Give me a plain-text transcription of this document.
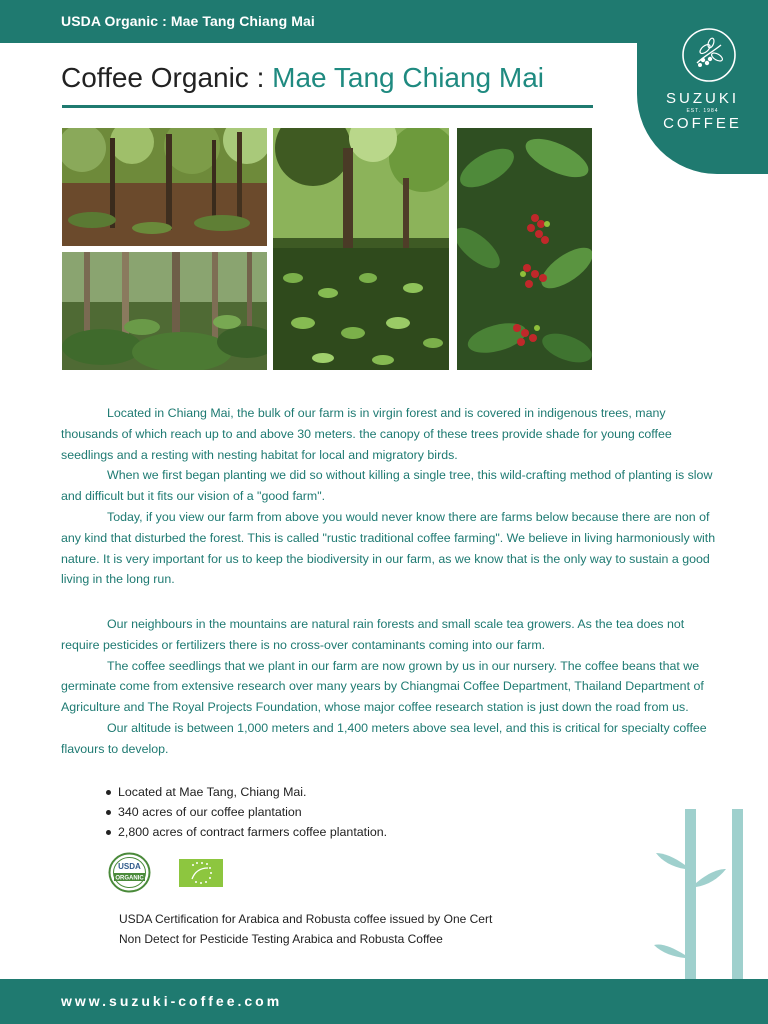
USDA Organic : Mae Tang Chiang Mai
SUZUKI
EST. 1984
COFFEE
Coffee Organic : Mae Tang Chiang Mai

Located in Chiang Mai, the bulk of our farm is in virgin forest and is covered in indigenous trees, many thousands of which reach up to and above 30 meters. the canopy of these trees provide shade for young coffee seedlings and a resting with nesting habitat for local and migratory birds.

When we first began planting we did so without killing a single tree, this wild-crafting method of planting is slow and difficult but it fits our vision of a "good farm".

Today, if you view our farm from above you would never know there are farms below because there are non of any kind that disturbed the forest. This is called "rustic traditional coffee farming". We believe in living harmoniously with nature. It is very important for us to keep the biodiversity in our farm, as we know that is the only way to sustain a good living in the long run.

Our neighbours in the mountains are natural rain forests and small scale tea growers. As the tea does not require pesticides or fertilizers there is no cross-over contaminants coming into our farm.

The coffee seedlings that we plant in our farm are now grown by us in our nursery. The coffee beans that we germinate come from extensive research over many years by Chiangmai Coffee Department, Thailand Department of Agriculture and The Royal Projects Foundation, whose major coffee research station is just down the road from us.

Our altitude is between 1,000 meters and 1,400 meters above sea level, and this is critical for specialty coffee flavours to develop.

Located at Mae Tang, Chiang Mai.
340 acres of our coffee plantation
2,800 acres of contract farmers coffee plantation.
USDA
ORGANIC
USDA Certification for Arabica and Robusta coffee issued by One Cert
Non Detect for Pesticide Testing Arabica and Robusta Coffee
www.suzuki-coffee.com
